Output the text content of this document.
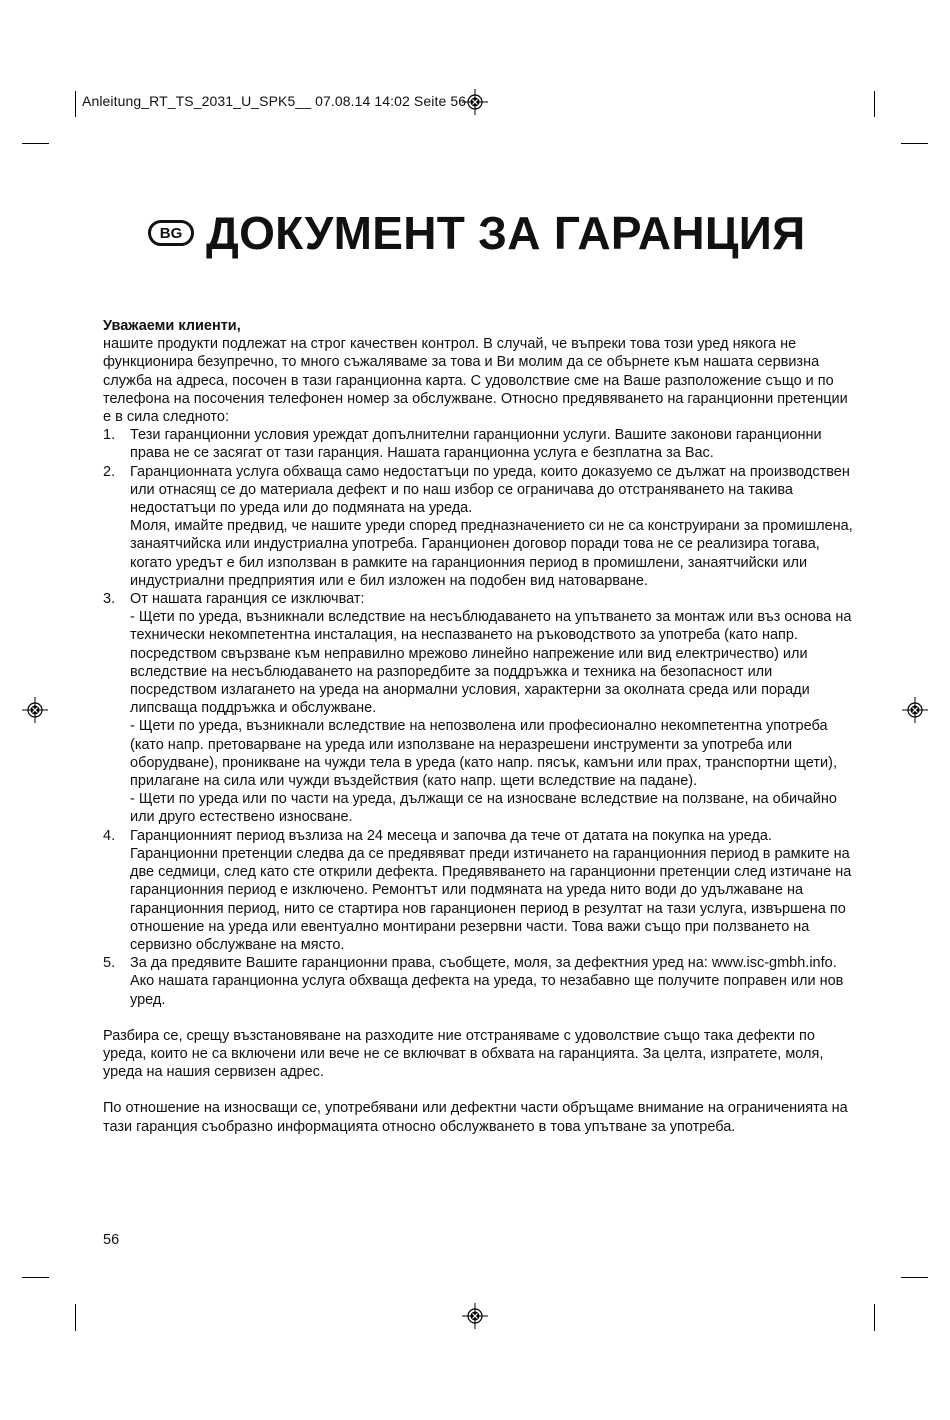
Anleitung_RT_TS_2031_U_SPK5__ 07.08.14 14:02 Seite 56
BG ДОКУМЕНТ ЗА ГАРАНЦИЯ

Уважаеми клиенти,

нашите продукти подлежат на строг качествен контрол. В случай, че въпреки това този уред някога не функционира безупречно, то много съжаляваме за това и Ви молим да се обърнете към нашата сервизна служба на адреса, посочен в тази гаранционна карта. С удоволствие сме на Ваше разположение също и по телефона на посочения телефонен номер за обслужване. Относно предявяването на гаранционни претенции е в сила следното:

1. Тези гаранционни условия уреждат допълнителни гаранционни услуги. Вашите законови гаранционни права не се засягат от тази гаранция. Нашата гаранционна услуга е безплатна за Вас.

2. Гаранционната услуга обхваща само недостатъци по уреда, които доказуемо се дължат на производствен или отнасящ се до материала дефект и по наш избор се ограничава до отстраняването на такива недостатъци по уреда или до подмяната на уреда.

Моля, имайте предвид, че нашите уреди според предназначението си не са конструирани за промишлена, занаятчийска или индустриална употреба. Гаранционен договор поради това не се реализира тогава, когато уредът е бил използван в рамките на гаранционния период в промишлени, занаятчийски или индустриални предприятия или е бил изложен на подобен вид натоварване.

3. От нашата гаранция се изключват:

- Щети по уреда, възникнали вследствие на несъблюдаването на упътването за монтаж или въз основа на технически некомпетентна инсталация, на неспазването на ръководството за употреба (като напр. посредством свързване към неправилно мрежово линейно напрежение или вид електричество) или вследствие на несъблюдаването на разпоредбите за поддръжка и техника на безопасност или посредством излагането на уреда на анормални условия, характерни за околната среда или поради липсваща поддръжка и обслужване.

- Щети по уреда, възникнали вследствие на непозволена или професионално некомпетентна употреба (като напр. претоварване на уреда или използване на неразрешени инструменти за употреба или оборудване), проникване на чужди тела в уреда (като напр. пясък, камъни или прах, транспортни щети), прилагане на сила или чужди въздействия (като напр. щети вследствие на падане).

- Щети по уреда или по части на уреда, дължащи се на износване вследствие на ползване, на обичайно или друго естествено износване.

4. Гаранционният период възлиза на 24 месеца и започва да тече от датата на покупка на уреда. Гаранционни претенции следва да се предявяват преди изтичането на гаранционния период в рамките на две седмици, след като сте открили дефекта. Предявяването на гаранционни претенции след изтичане на гаранционния период е изключено. Ремонтът или подмяната на уреда нито води до удължаване на гаранционния период, нито се стартира нов гаранционен период в резултат на тази услуга, извършена по отношение на уреда или евентуално монтирани резервни части. Това важи също при ползването на сервизно обслужване на място.

5. За да предявите Вашите гаранционни права, съобщете, моля, за дефектния уред на: www.isc-gmbh.info. Ако нашата гаранционна услуга обхваща дефекта на уреда, то незабавно ще получите поправен или нов уред.

Разбира се, срещу възстановяване на разходите ние отстраняваме с удоволствие също така дефекти по уреда, които не са включени или вече не се включват в обхвата на гаранцията. За целта, изпратете, моля, уреда на нашия сервизен адрес.

По отношение на износващи се, употребявани или дефектни части обръщаме внимание на ограниченията на тази гаранция съобразно информацията относно обслужването в това упътване за употреба.

56
